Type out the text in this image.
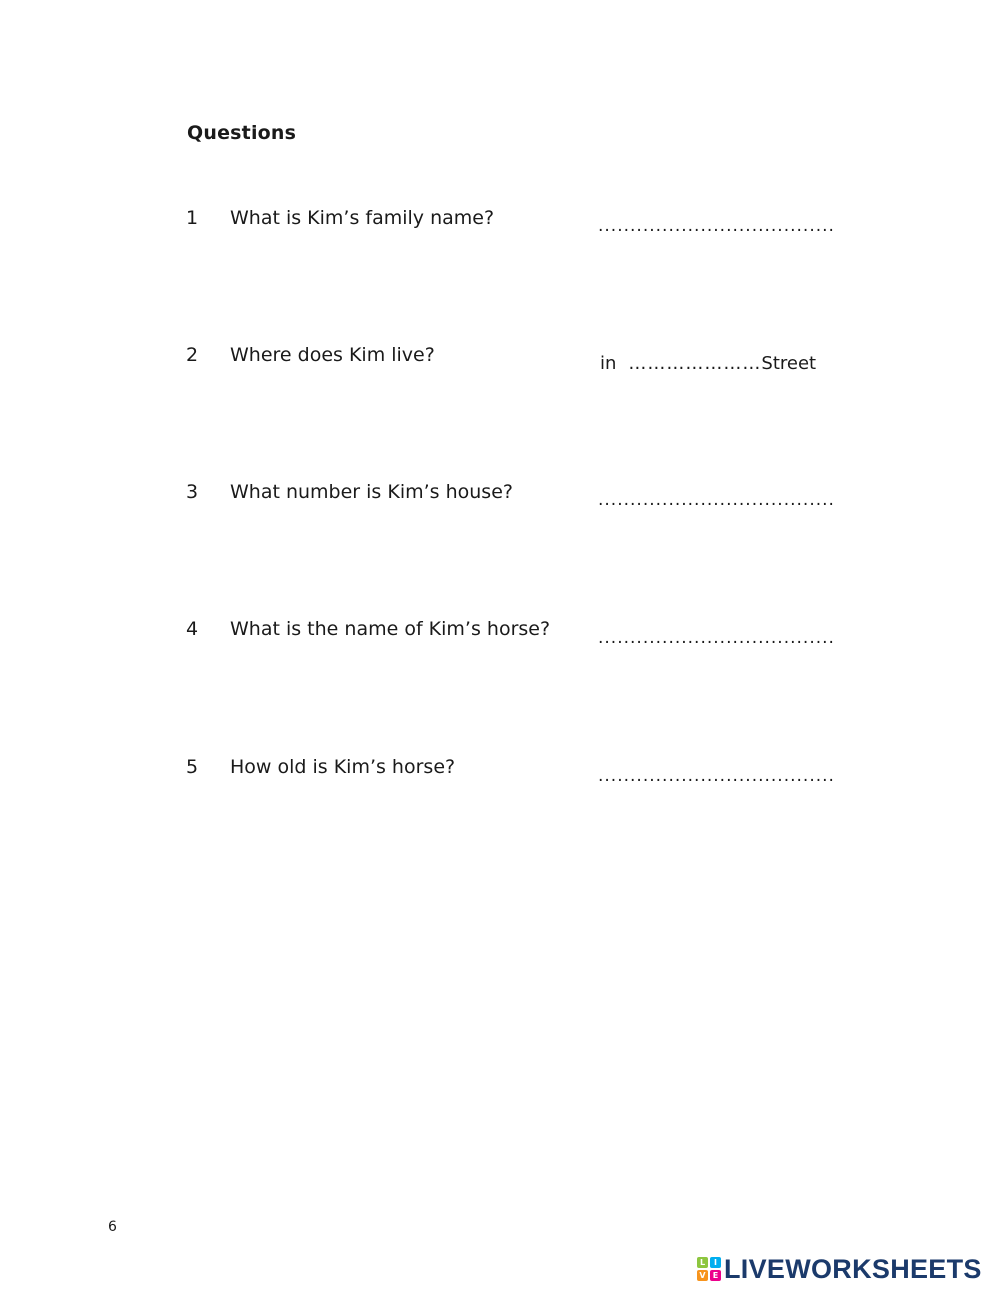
Questions
1 What is Kim’s family name?	.....................................
2 Where does Kim live?	in …………………Street
3 What number is Kim’s house?	.....................................
4 What is the name of Kim’s horse?	.....................................
5 How old is Kim’s horse?	.....................................
6
L	I
V E LIVEWORKSHEETS
